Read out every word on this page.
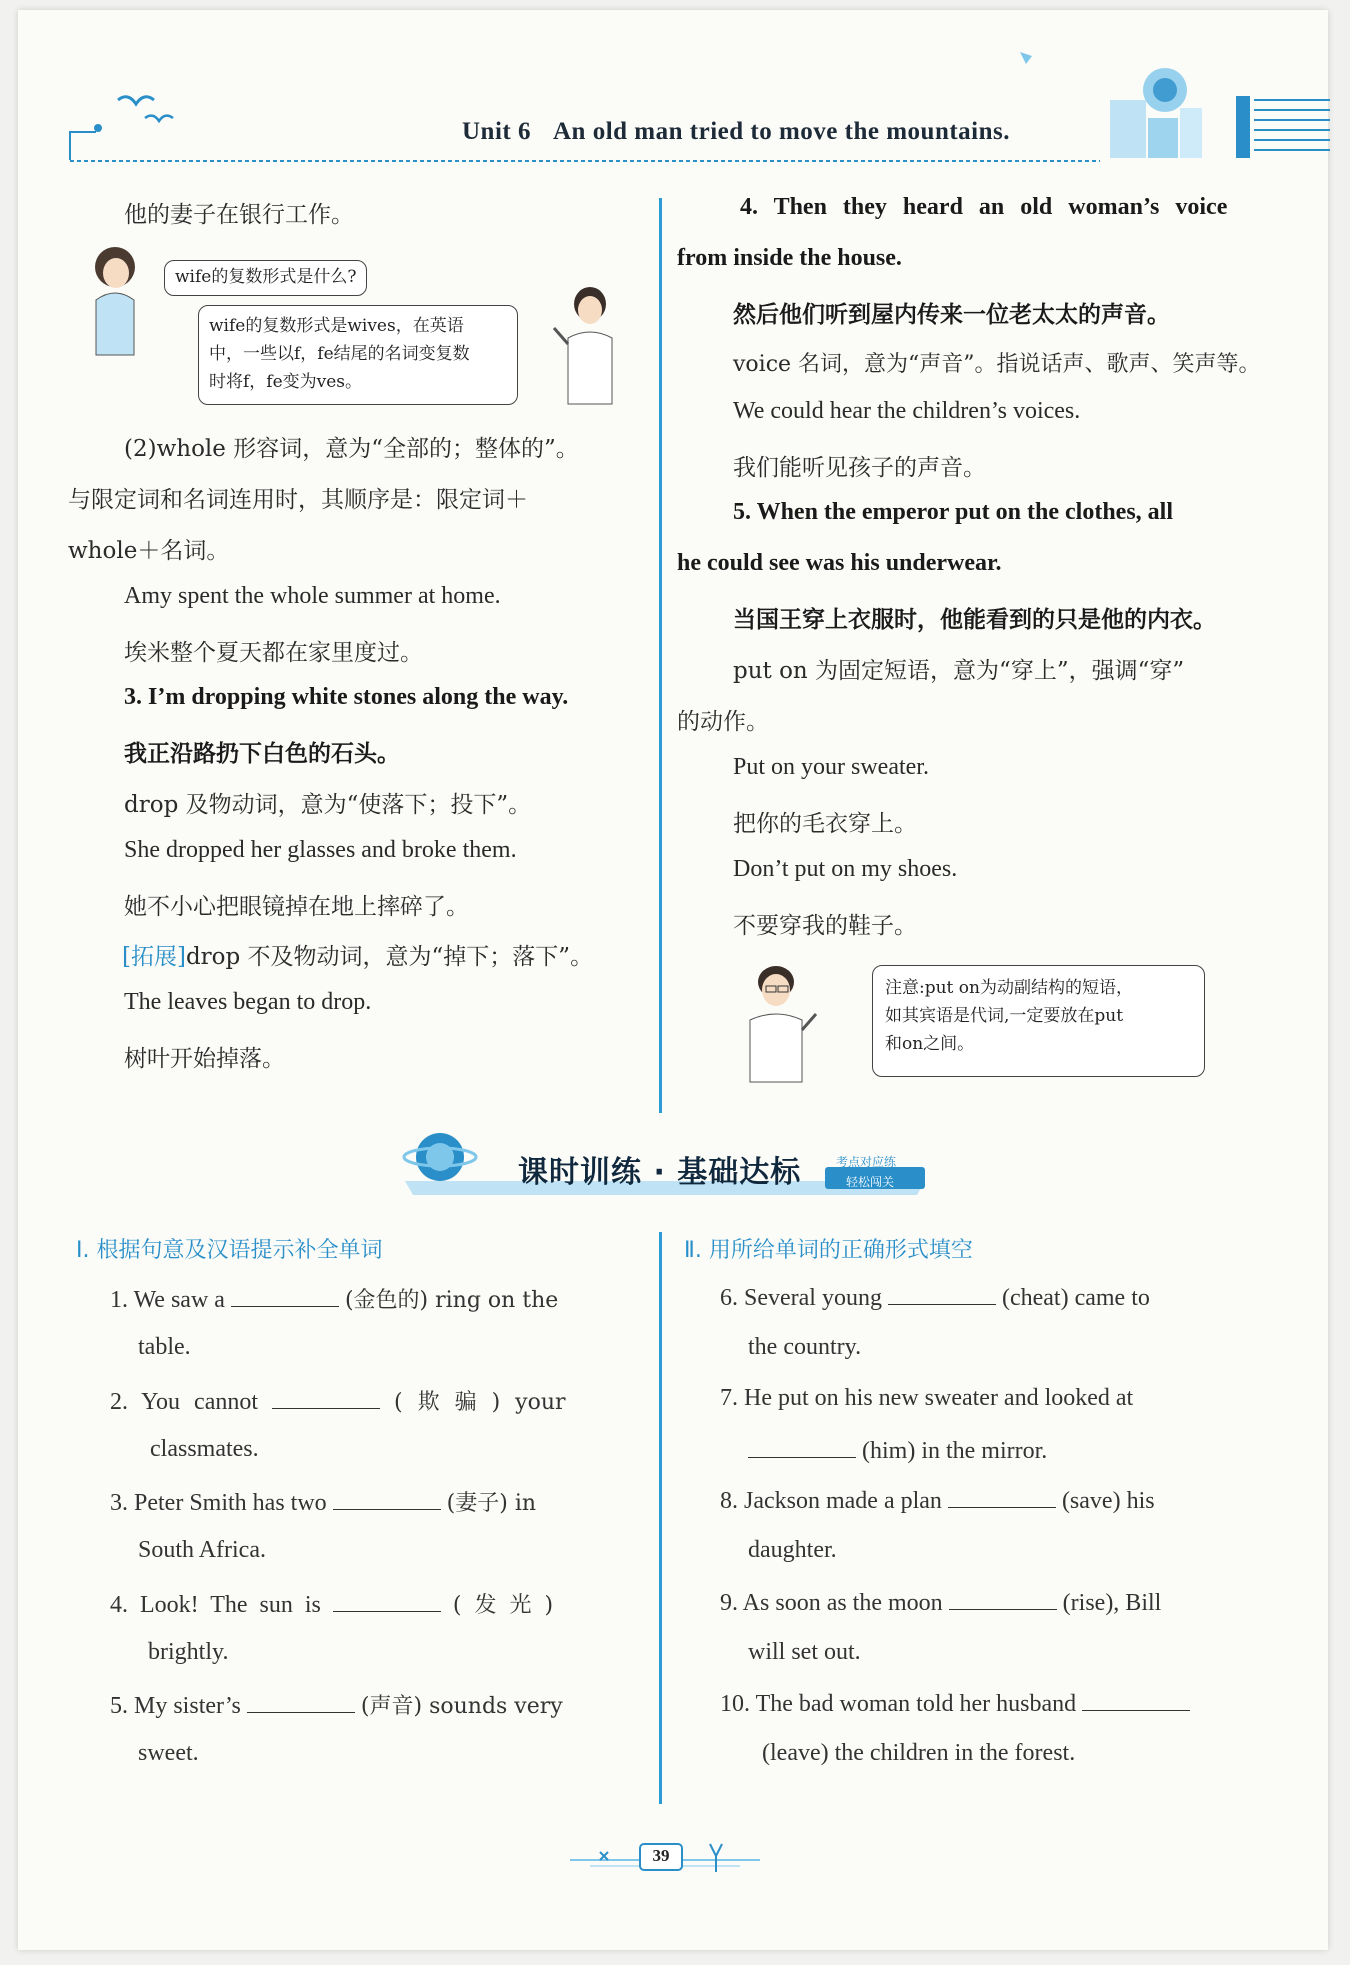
Unit 6 An old man tried to move the mountains.
他的妻子在银行工作。
wife的复数形式是什么?
wife的复数形式是wives，在英语
中，一些以f，fe结尾的名词变复数
时将f，fe变为ves。
(2)whole 形容词，意为“全部的；整体的”。
与限定词和名词连用时，其顺序是：限定词＋
whole＋名词。
Amy spent the whole summer at home.
埃米整个夏天都在家里度过。
3. I’m dropping white stones along the way.
我正沿路扔下白色的石头。
drop 及物动词，意为“使落下；投下”。
She dropped her glasses and broke them.
她不小心把眼镜掉在地上摔碎了。
[拓展]drop 不及物动词，意为“掉下；落下”。
The leaves began to drop.
树叶开始掉落。
4. Then they heard an old woman’s voice
from inside the house.
然后他们听到屋内传来一位老太太的声音。
voice 名词，意为“声音”。指说话声、歌声、笑声等。
We could hear the children’s voices.
我们能听见孩子的声音。
5. When the emperor put on the clothes, all
he could see was his underwear.
当国王穿上衣服时，他能看到的只是他的内衣。
put on 为固定短语，意为“穿上”，强调“穿”
的动作。
Put on your sweater.
把你的毛衣穿上。
Don’t put on my shoes.
不要穿我的鞋子。
注意:put on为动副结构的短语，
如其宾语是代词,一定要放在put
和on之间。
课时训练 · 基础达标	考点对应练
轻松闯关
Ⅰ. 根据句意及汉语提示补全单词
1. We saw a	(金色的) ring on the
table.
2. You cannot	( 欺 骗 ) your
classmates.
3. Peter Smith has two	(妻子) in
South Africa.
4. Look! The sun is	( 发 光 )
brightly.
5. My sister’s	(声音) sounds very
sweet.
Ⅱ. 用所给单词的正确形式填空
6. Several young	(cheat) came to
the country.
7. He put on his new sweater and looked at
(him) in the mirror.
8. Jackson made a plan	(save) his
daughter.
9. As soon as the moon	(rise), Bill
will set out.
10. The bad woman told her husband
(leave) the children in the forest.
39
